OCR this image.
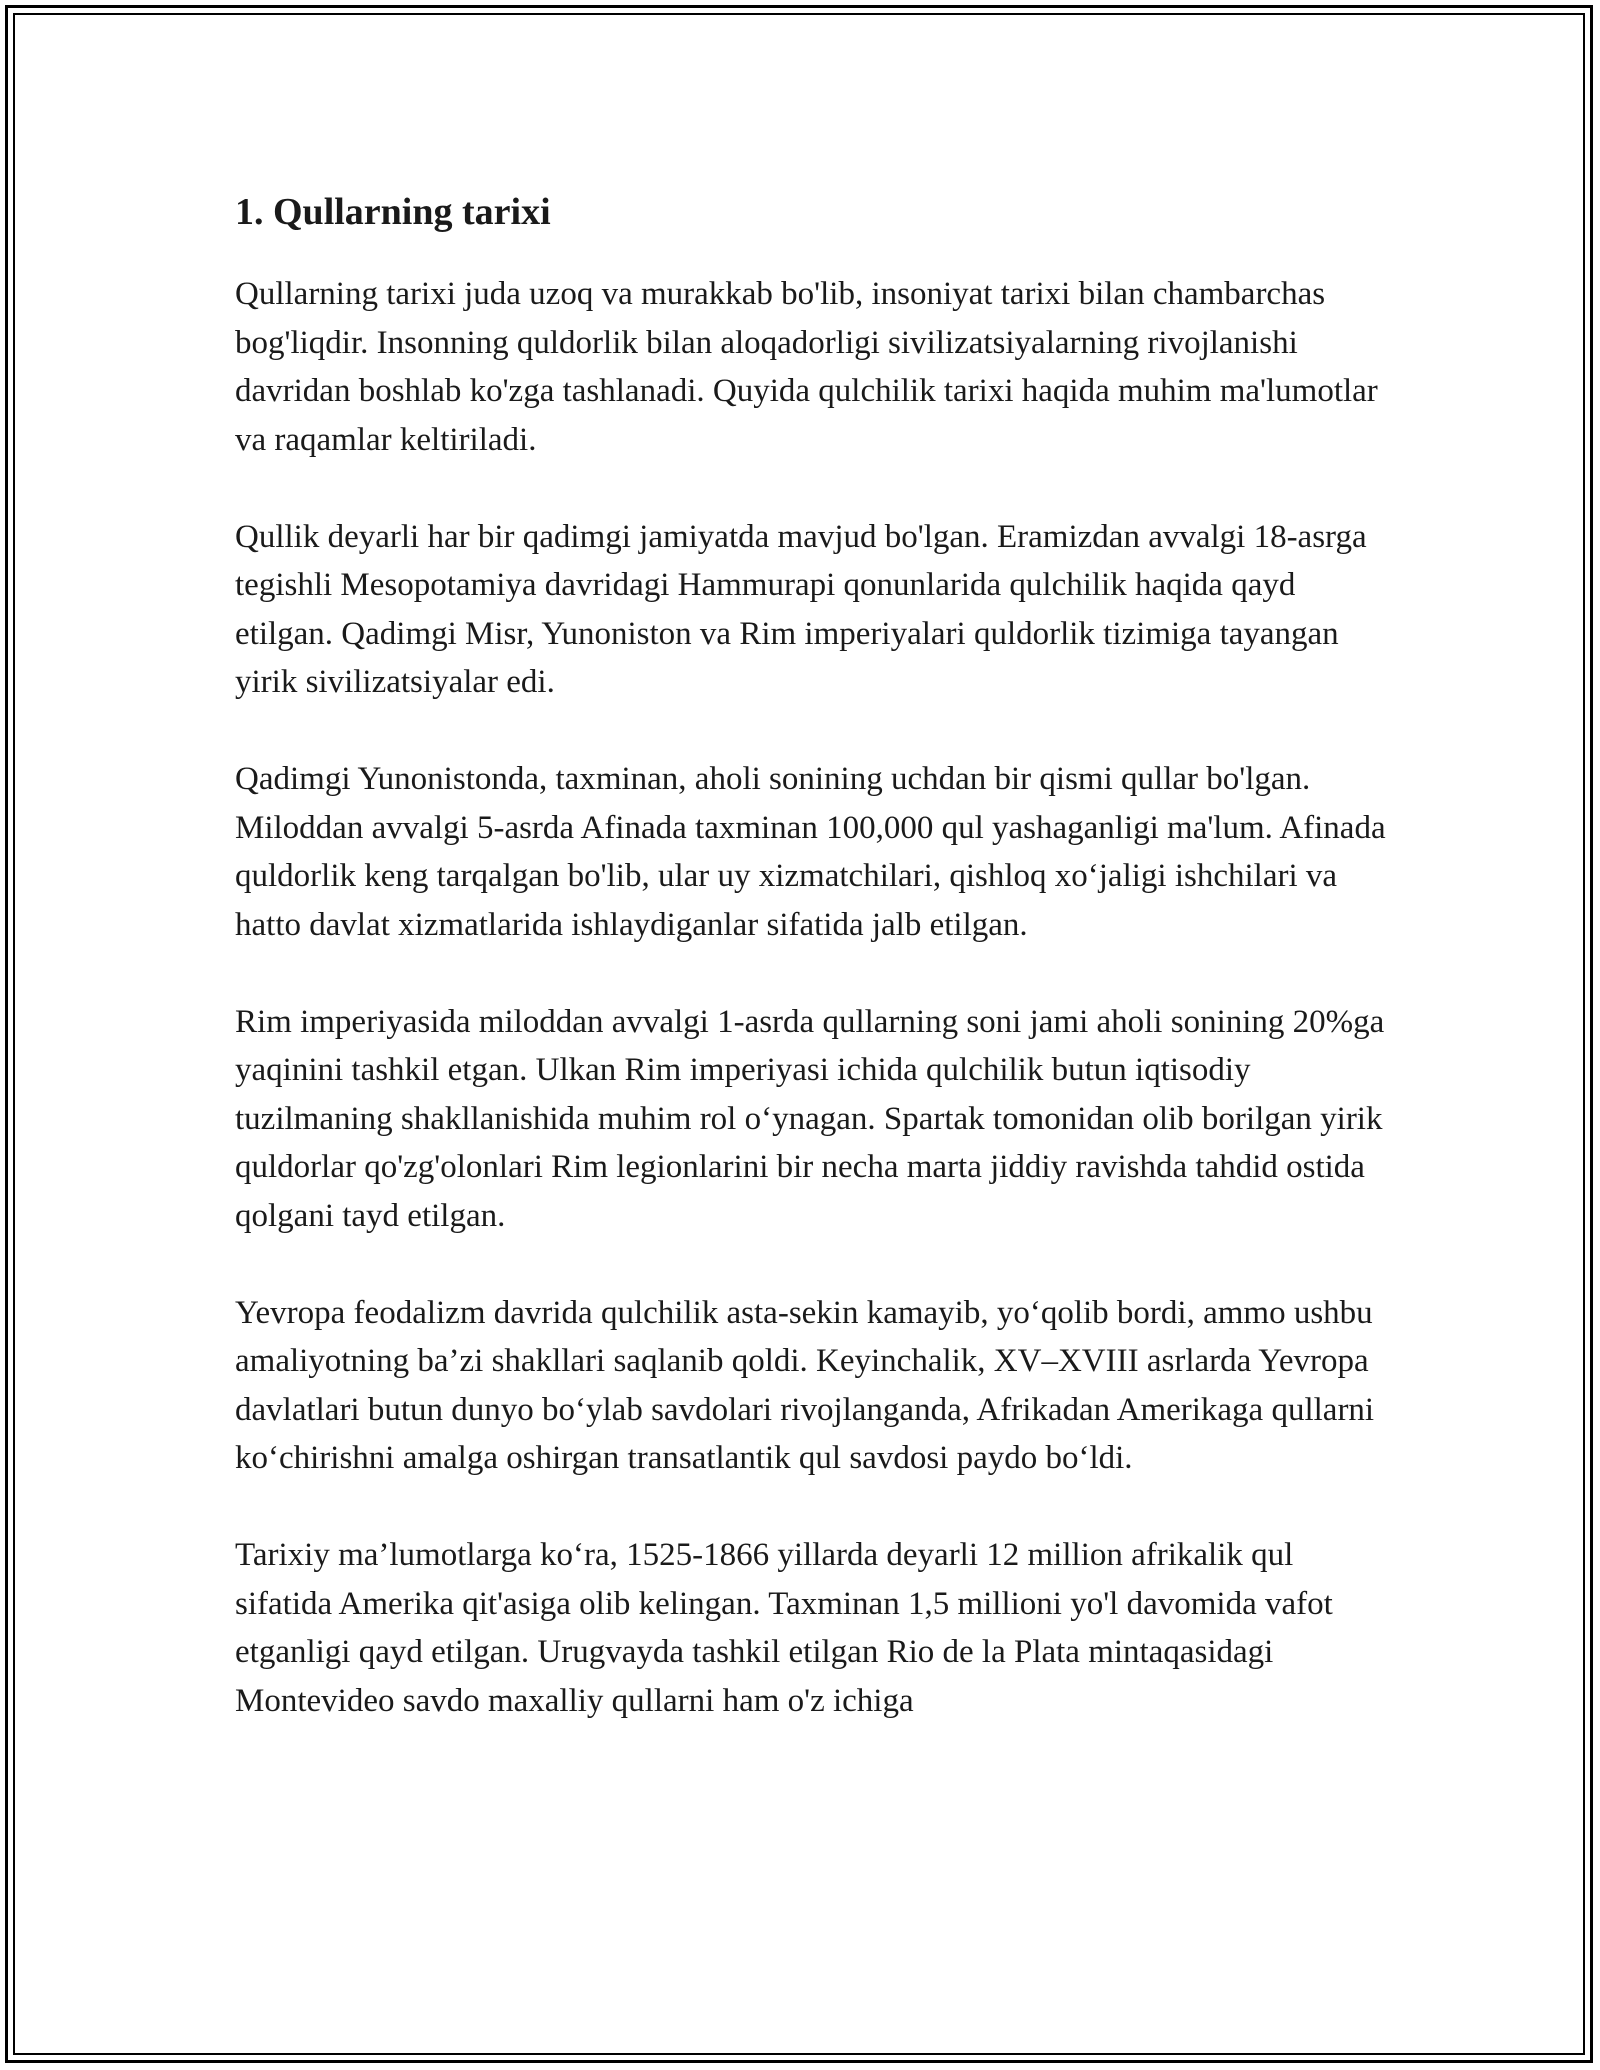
1. Qullarning tarixi

Qullarning tarixi juda uzoq va murakkab bo'lib, insoniyat tarixi bilan chambarchas bog'liqdir. Insonning quldorlik bilan aloqadorligi sivilizatsiyalarning rivojlanishi davridan boshlab ko'zga tashlanadi. Quyida qulchilik tarixi haqida muhim ma'lumotlar va raqamlar keltiriladi.

Qullik deyarli har bir qadimgi jamiyatda mavjud bo'lgan. Eramizdan avvalgi 18-asrga tegishli Mesopotamiya davridagi Hammurapi qonunlarida qulchilik haqida qayd etilgan. Qadimgi Misr, Yunoniston va Rim imperiyalari quldorlik tizimiga tayangan yirik sivilizatsiyalar edi.

Qadimgi Yunonistonda, taxminan, aholi sonining uchdan bir qismi qullar bo'lgan. Miloddan avvalgi 5-asrda Afinada taxminan 100,000 qul yashaganligi ma'lum. Afinada quldorlik keng tarqalgan bo'lib, ular uy xizmatchilari, qishloq xo‘jaligi ishchilari va hatto davlat xizmatlarida ishlaydiganlar sifatida jalb etilgan.

Rim imperiyasida miloddan avvalgi 1-asrda qullarning soni jami aholi sonining 20%ga yaqinini tashkil etgan. Ulkan Rim imperiyasi ichida qulchilik butun iqtisodiy tuzilmaning shakllanishida muhim rol o‘ynagan. Spartak tomonidan olib borilgan yirik quldorlar qo'zg'olonlari Rim legionlarini bir necha marta jiddiy ravishda tahdid ostida qolgani tayd etilgan.

Yevropa feodalizm davrida qulchilik asta-sekin kamayib, yo‘qolib bordi, ammo ushbu amaliyotning ba’zi shakllari saqlanib qoldi. Keyinchalik, XV–XVIII asrlarda Yevropa davlatlari butun dunyo bo‘ylab savdolari rivojlanganda, Afrikadan Amerikaga qullarni ko‘chirishni amalga oshirgan transatlantik qul savdosi paydo bo‘ldi.

Tarixiy ma’lumotlarga ko‘ra, 1525-1866 yillarda deyarli 12 million afrikalik qul sifatida Amerika qit'asiga olib kelingan. Taxminan 1,5 millioni yo'l davomida vafot etganligi qayd etilgan. Urugvayda tashkil etilgan Rio de la Plata mintaqasidagi Montevideo savdo maxalliy qullarni ham o'z ichiga
